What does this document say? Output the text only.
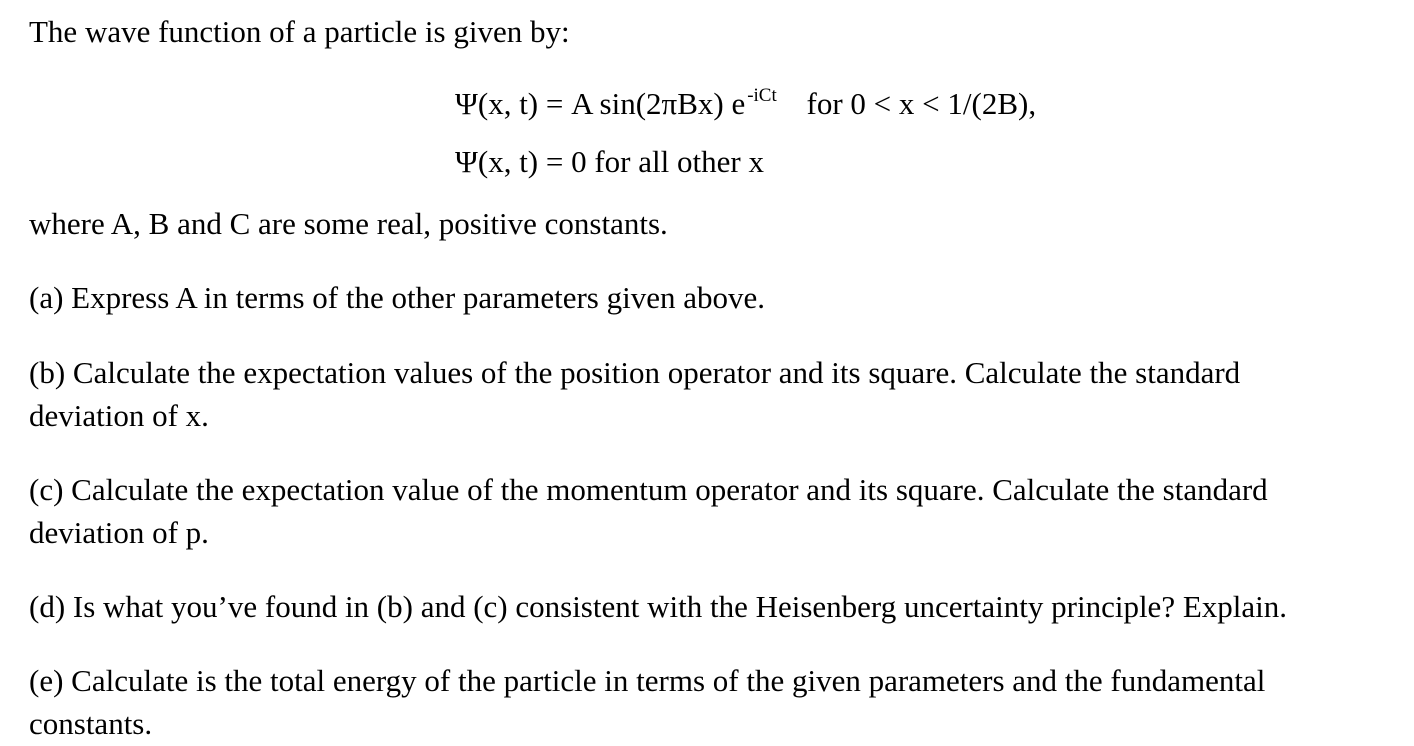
The wave function of a particle is given by:

Ψ(x, t) = A sin(2πBx) e $^{-iCt}$ for 0 < x < 1/(2B),
Ψ(x, t) = 0 for all other x

where A, B and C are some real, positive constants.

(a) Express A in terms of the other parameters given above.
(b) Calculate the expectation values of the position operator and its square. Calculate the standard
deviation of x.
(c) Calculate the expectation value of the momentum operator and its square. Calculate the standard
deviation of p.
(d) Is what you’ve found in (b) and (c) consistent with the Heisenberg uncertainty principle? Explain.
(e) Calculate is the total energy of the particle in terms of the given parameters and the fundamental
constants.
